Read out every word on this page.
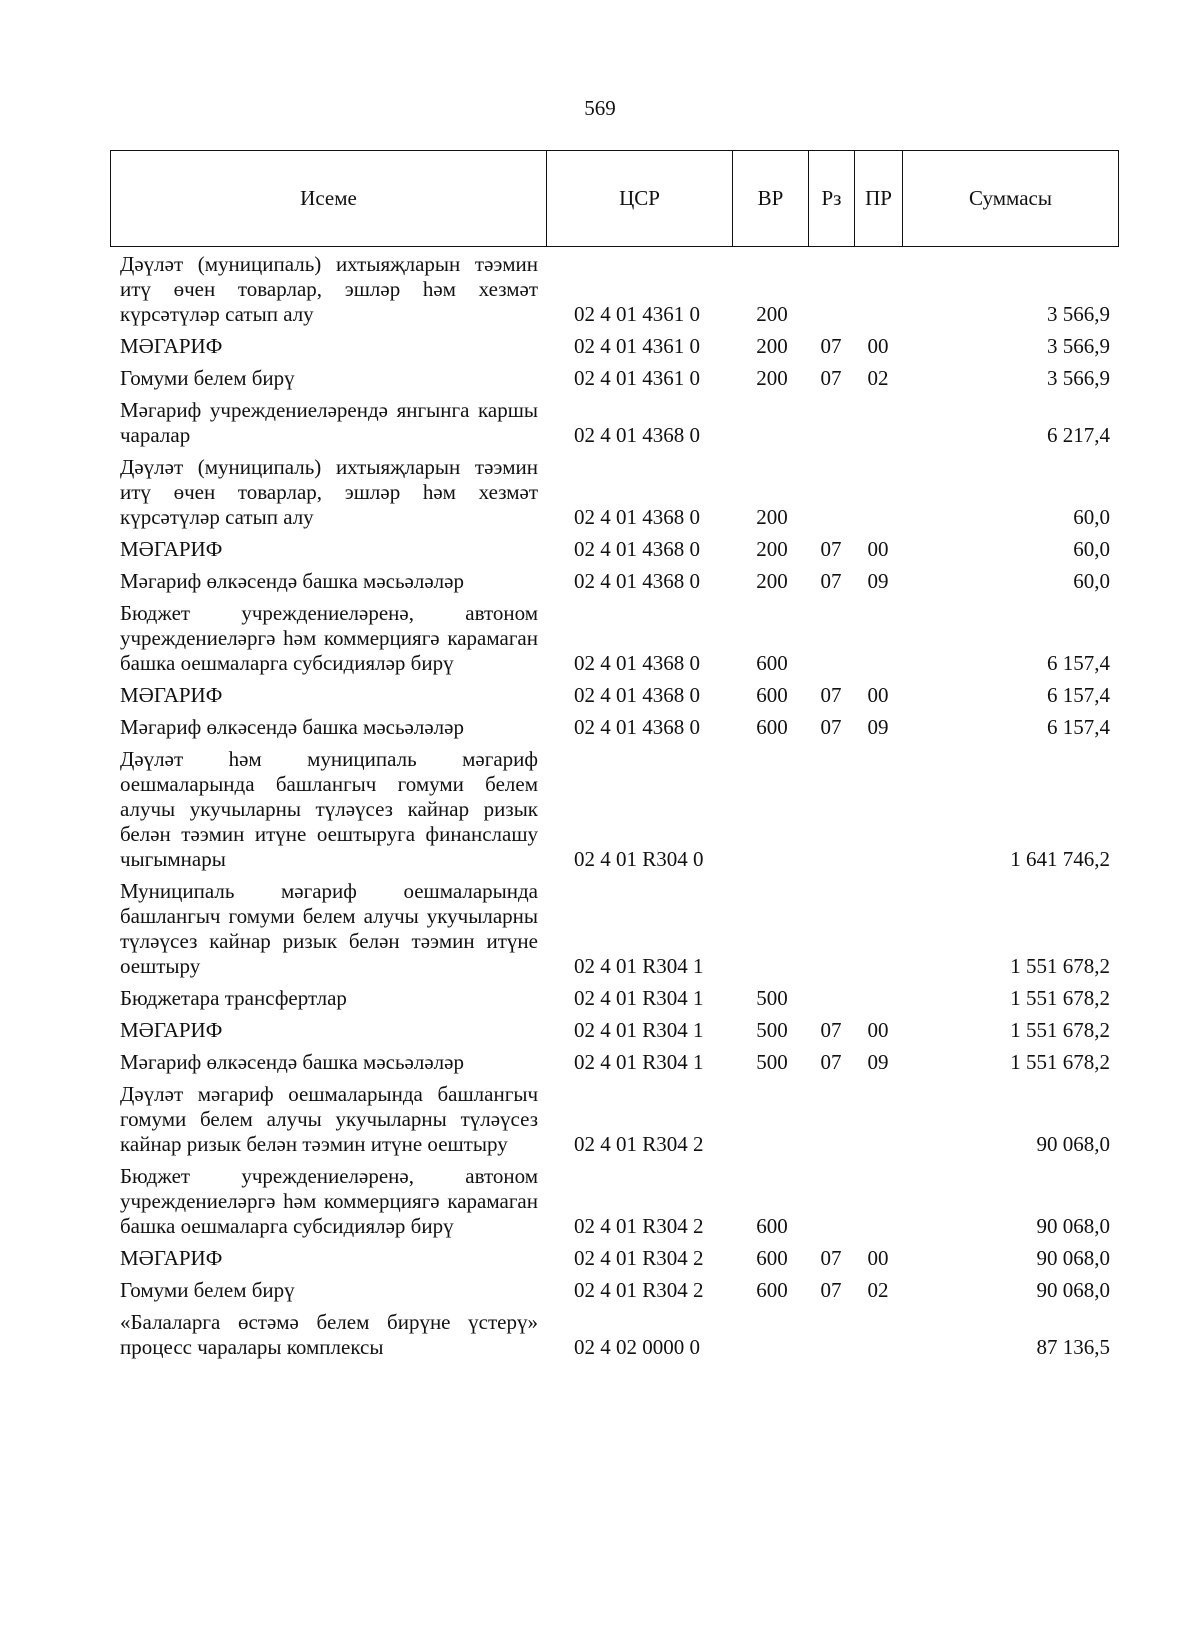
569
Исеме	ЦСР	ВР	Рз	ПР	Суммасы
Дәүләт (муниципаль) ихтыяҗларын тәэмин итү өчен товарлар, эшләр һәм хезмәт күрсәтүләр сатып алу	02 4 01 4361 0	200			3 566,9
МӘГАРИФ	02 4 01 4361 0	200	07	00	3 566,9
Гомуми белем бирү	02 4 01 4361 0	200	07	02	3 566,9
Мәгариф учреждениеләрендә янгынга каршы чаралар	02 4 01 4368 0				6 217,4
Дәүләт (муниципаль) ихтыяҗларын тәэмин итү өчен товарлар, эшләр һәм хезмәт күрсәтүләр сатып алу	02 4 01 4368 0	200			60,0
МӘГАРИФ	02 4 01 4368 0	200	07	00	60,0
Мәгариф өлкәсендә башка мәсьәләләр	02 4 01 4368 0	200	07	09	60,0
Бюджет учреждениеләренә, автоном учреждениеләргә һәм коммерциягә карамаган башка оешмаларга субсидияләр бирү	02 4 01 4368 0	600			6 157,4
МӘГАРИФ	02 4 01 4368 0	600	07	00	6 157,4
Мәгариф өлкәсендә башка мәсьәләләр	02 4 01 4368 0	600	07	09	6 157,4
Дәүләт һәм муниципаль мәгариф оешмаларында башлангыч гомуми белем алучы укучыларны түләүсез кайнар ризык белән тәэмин итүне оештыруга финанслашу чыгымнары	02 4 01 R304 0				1 641 746,2
Муниципаль мәгариф оешмаларында башлангыч гомуми белем алучы укучыларны түләүсез кайнар ризык белән тәэмин итүне оештыру	02 4 01 R304 1				1 551 678,2
Бюджетара трансфертлар	02 4 01 R304 1	500			1 551 678,2
МӘГАРИФ	02 4 01 R304 1	500	07	00	1 551 678,2
Мәгариф өлкәсендә башка мәсьәләләр	02 4 01 R304 1	500	07	09	1 551 678,2
Дәүләт мәгариф оешмаларында башлангыч гомуми белем алучы укучыларны түләүсез кайнар ризык белән тәэмин итүне оештыру	02 4 01 R304 2				90 068,0
Бюджет учреждениеләренә, автоном учреждениеләргә һәм коммерциягә карамаган башка оешмаларга субсидияләр бирү	02 4 01 R304 2	600			90 068,0
МӘГАРИФ	02 4 01 R304 2	600	07	00	90 068,0
Гомуми белем бирү	02 4 01 R304 2	600	07	02	90 068,0
«Балаларга өстәмә белем бирүне үстерү» процесс чаралары комплексы	02 4 02 0000 0				87 136,5
